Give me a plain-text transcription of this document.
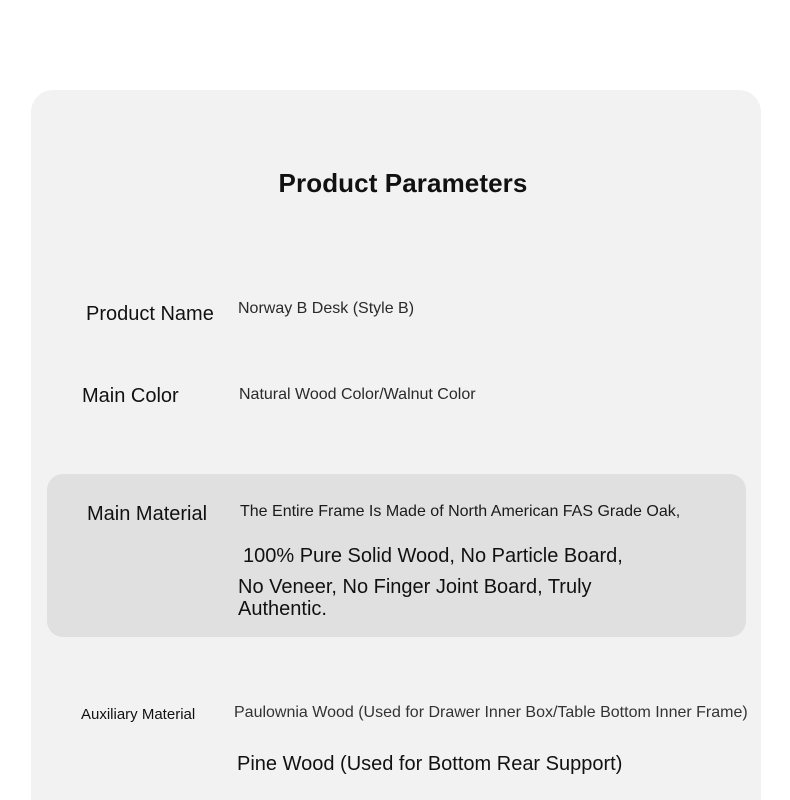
Product Parameters
Product Name Norway B Desk (Style B)
Main Color	Natural Wood Color/Walnut Color
Main Material The Entire Frame Is Made of North American FAS Grade Oak,
100% Pure Solid Wood, No Particle Board,
No Veneer, No Finger Joint Board, Truly
Authentic.
Auxiliary Material Paulownia Wood (Used for Drawer Inner Box/Table Bottom Inner Frame)
Pine Wood (Used for Bottom Rear Support)
